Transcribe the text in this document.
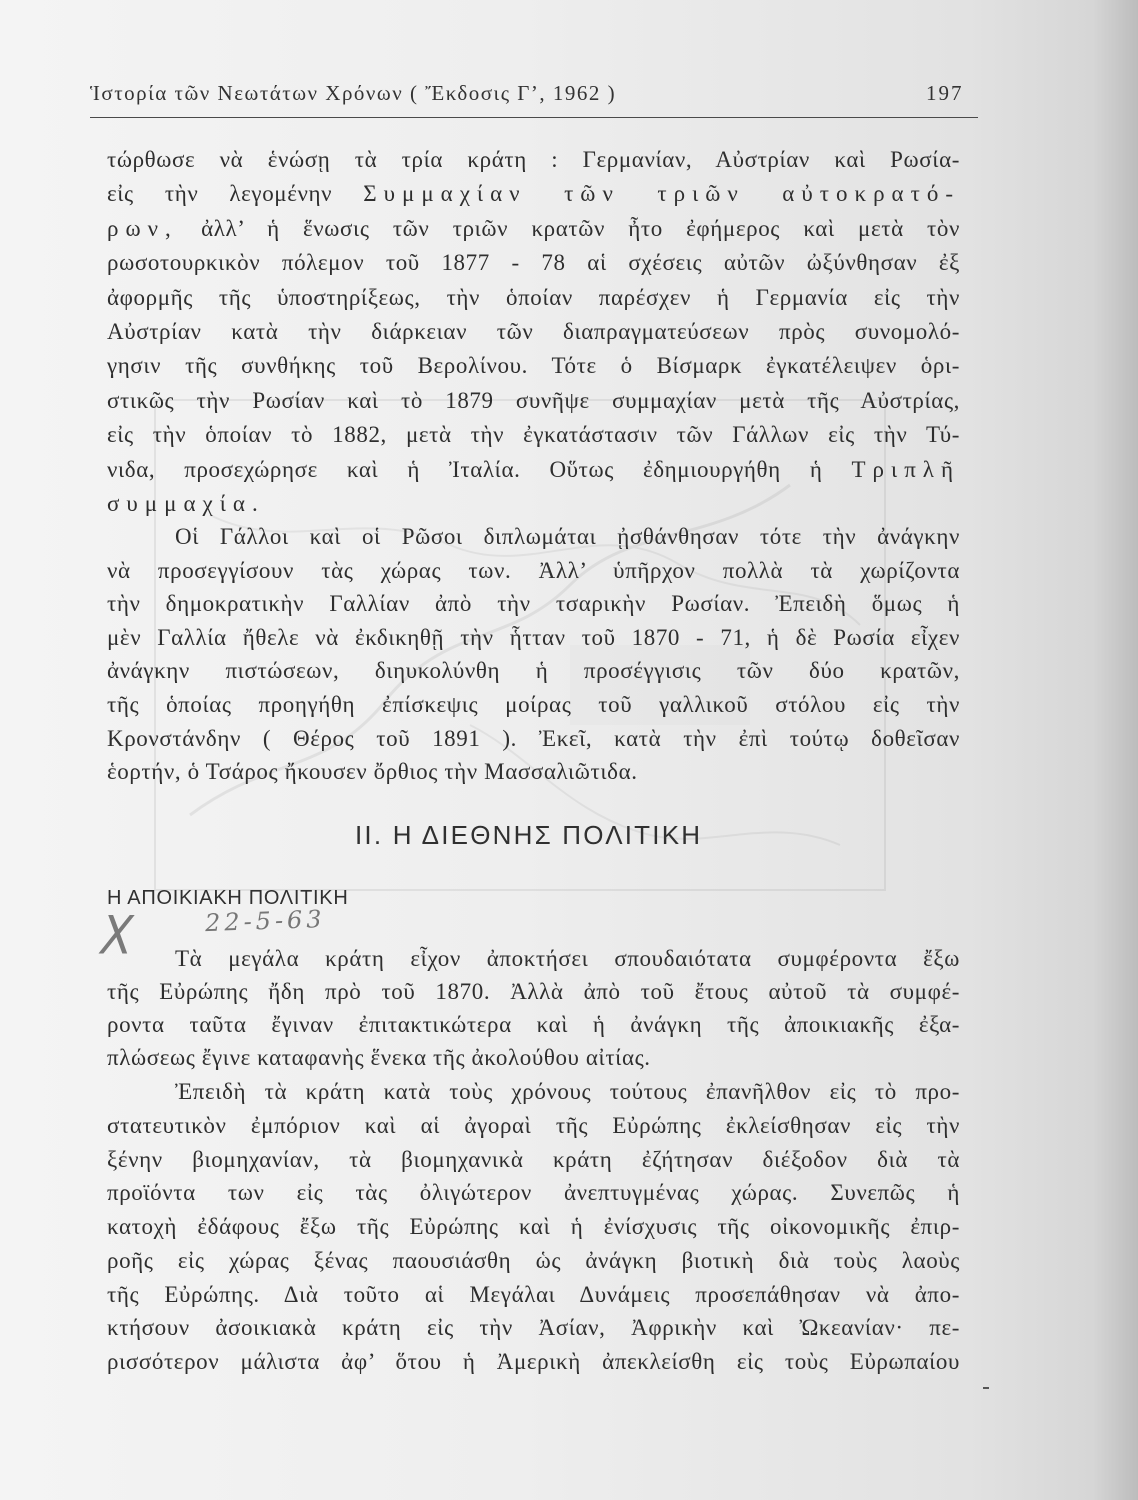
Ἱστορία τῶν Νεωτάτων Χρόνων ( Ἔκδοσις Γ’, 1962 )	197
τώρθωσε νὰ ἑνώσῃ τὰ τρία κράτη : Γερμανίαν, Αὐστρίαν καὶ Ρωσία-
εἰς τὴν λεγομένην Συμμαχίαν τῶν τριῶν αὐτοκρατό-
ρων, ἀλλ’ ἡ ἕνωσις τῶν τριῶν κρατῶν ἦτο ἐφήμερος καὶ μετὰ τὸν
ρωσοτουρκικὸν πόλεμον τοῦ 1877 - 78 αἱ σχέσεις αὐτῶν ὠξύνθησαν ἐξ
ἀφορμῆς τῆς ὑποστηρίξεως, τὴν ὁποίαν παρέσχεν ἡ Γερμανία εἰς τὴν
Αὐστρίαν κατὰ τὴν διάρκειαν τῶν διαπραγματεύσεων πρὸς συνομολό-
γησιν τῆς συνθήκης τοῦ Βερολίνου. Τότε ὁ Βίσμαρκ ἐγκατέλειψεν ὁρι-
στικῶς τὴν Ρωσίαν καὶ τὸ 1879 συνῆψε συμμαχίαν μετὰ τῆς Αὐστρίας,
εἰς τὴν ὁποίαν τὸ 1882, μετὰ τὴν ἐγκατάστασιν τῶν Γάλλων εἰς τὴν Τύ-
νιδα, προσεχώρησε καὶ ἡ Ἰταλία. Οὕτως ἐδημιουργήθη ἡ Τριπλῆ
συμμαχία.
Οἱ Γάλλοι καὶ οἱ Ρῶσοι διπλωμάται ᾐσθάνθησαν τότε τὴν ἀνάγκην
νὰ προσεγγίσουν τὰς χώρας των. Ἀλλ’ ὑπῆρχον πολλὰ τὰ χωρίζοντα
τὴν δημοκρατικὴν Γαλλίαν ἀπὸ τὴν τσαρικὴν Ρωσίαν. Ἐπειδὴ ὅμως ἡ
μὲν Γαλλία ἤθελε νὰ ἐκδικηθῇ τὴν ἧτταν τοῦ 1870 - 71, ἡ δὲ Ρωσία εἶχεν
ἀνάγκην πιστώσεων, διηυκολύνθη ἡ προσέγγισις τῶν δύο κρατῶν,
τῆς ὁποίας προηγήθη ἐπίσκεψις μοίρας τοῦ γαλλικοῦ στόλου εἰς τὴν
Κρονστάνδην ( Θέρος τοῦ 1891 ). Ἐκεῖ, κατὰ τὴν ἐπὶ τούτῳ δοθεῖσαν
ἑορτήν, ὁ Τσάρος ἤκουσεν ὄρθιος τὴν Μασσαλιῶτιδα.
II. Η ΔΙΕΘΝΗΣ ΠΟΛΙΤΙΚΗ
Η ΑΠΟΙΚΙΑΚΗ ΠΟΛΙΤΙΚΗ
22-5-63
X	Τὰ μεγάλα κράτη εἶχον ἀποκτήσει σπουδαιότατα συμφέροντα ἔξω
τῆς Εὐρώπης ἤδη πρὸ τοῦ 1870. Ἀλλὰ ἀπὸ τοῦ ἔτους αὐτοῦ τὰ συμφέ-
ροντα ταῦτα ἔγιναν ἐπιτακτικώτερα καὶ ἡ ἀνάγκη τῆς ἀποικιακῆς ἐξα-
πλώσεως ἔγινε καταφανὴς ἕνεκα τῆς ἀκολούθου αἰτίας.
Ἐπειδὴ τὰ κράτη κατὰ τοὺς χρόνους τούτους ἐπανῆλθον εἰς τὸ προ-
στατευτικὸν ἐμπόριον καὶ αἱ ἀγοραὶ τῆς Εὐρώπης ἐκλείσθησαν εἰς τὴν
ξένην βιομηχανίαν, τὰ βιομηχανικὰ κράτη ἐζήτησαν διέξοδον διὰ τὰ
προϊόντα των εἰς τὰς ὀλιγώτερον ἀνεπτυγμένας χώρας. Συνεπῶς ἡ
κατοχὴ ἐδάφους ἔξω τῆς Εὐρώπης καὶ ἡ ἐνίσχυσις τῆς οἰκονομικῆς ἐπιρ-
ροῆς εἰς χώρας ξένας παουσιάσθη ὡς ἀνάγκη βιοτικὴ διὰ τοὺς λαοὺς
τῆς Εὐρώπης. Διὰ τοῦτο αἱ Μεγάλαι Δυνάμεις προσεπάθησαν νὰ ἀπο-
κτήσουν ἀσοικιακὰ κράτη εἰς τὴν Ἀσίαν, Ἀφρικὴν καὶ Ὠκεανίαν· πε-
ρισσότερον μάλιστα ἀφ’ ὅτου ἡ Ἀμερικὴ ἀπεκλείσθη εἰς τοὺς Εὐρωπαίου
